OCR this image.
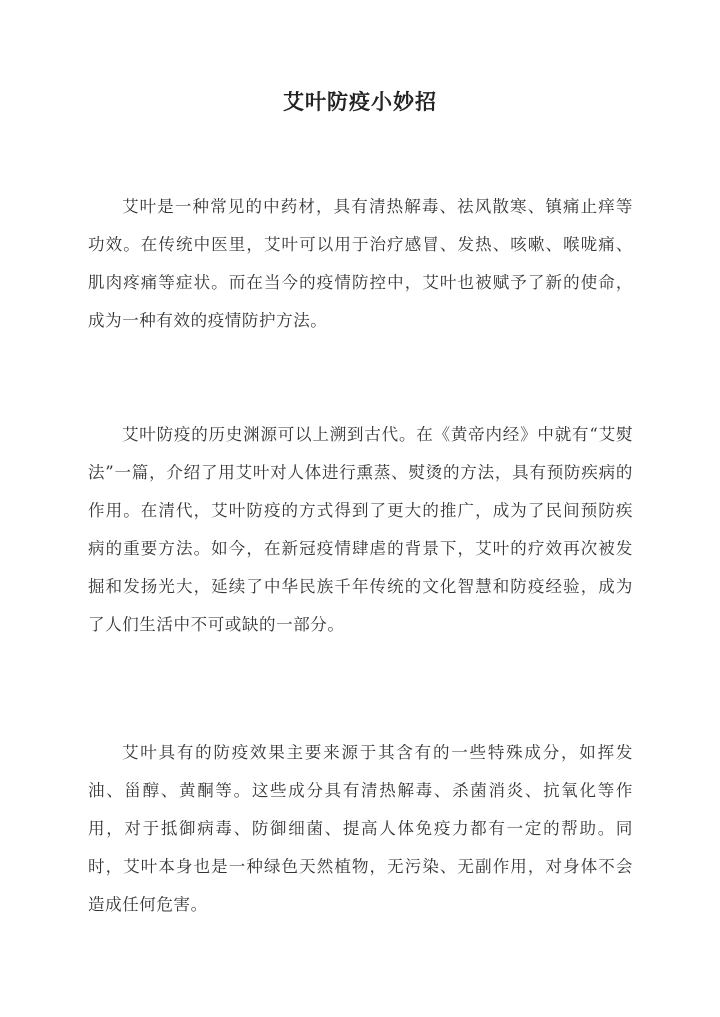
艾叶防疫小妙招

艾叶是一种常见的中药材，具有清热解毒、祛风散寒、镇痛止痒等功效。在传统中医里，艾叶可以用于治疗感冒、发热、咳嗽、喉咙痛、肌肉疼痛等症状。而在当今的疫情防控中，艾叶也被赋予了新的使命，成为一种有效的疫情防护方法。

艾叶防疫的历史渊源可以上溯到古代。在《黄帝内经》中就有“艾熨法”一篇，介绍了用艾叶对人体进行熏蒸、熨烫的方法，具有预防疾病的作用。在清代，艾叶防疫的方式得到了更大的推广，成为了民间预防疾病的重要方法。如今，在新冠疫情肆虐的背景下，艾叶的疗效再次被发掘和发扬光大，延续了中华民族千年传统的文化智慧和防疫经验，成为了人们生活中不可或缺的一部分。

艾叶具有的防疫效果主要来源于其含有的一些特殊成分，如挥发油、甾醇、黄酮等。这些成分具有清热解毒、杀菌消炎、抗氧化等作用，对于抵御病毒、防御细菌、提高人体免疫力都有一定的帮助。同时，艾叶本身也是一种绿色天然植物，无污染、无副作用，对身体不会造成任何危害。
